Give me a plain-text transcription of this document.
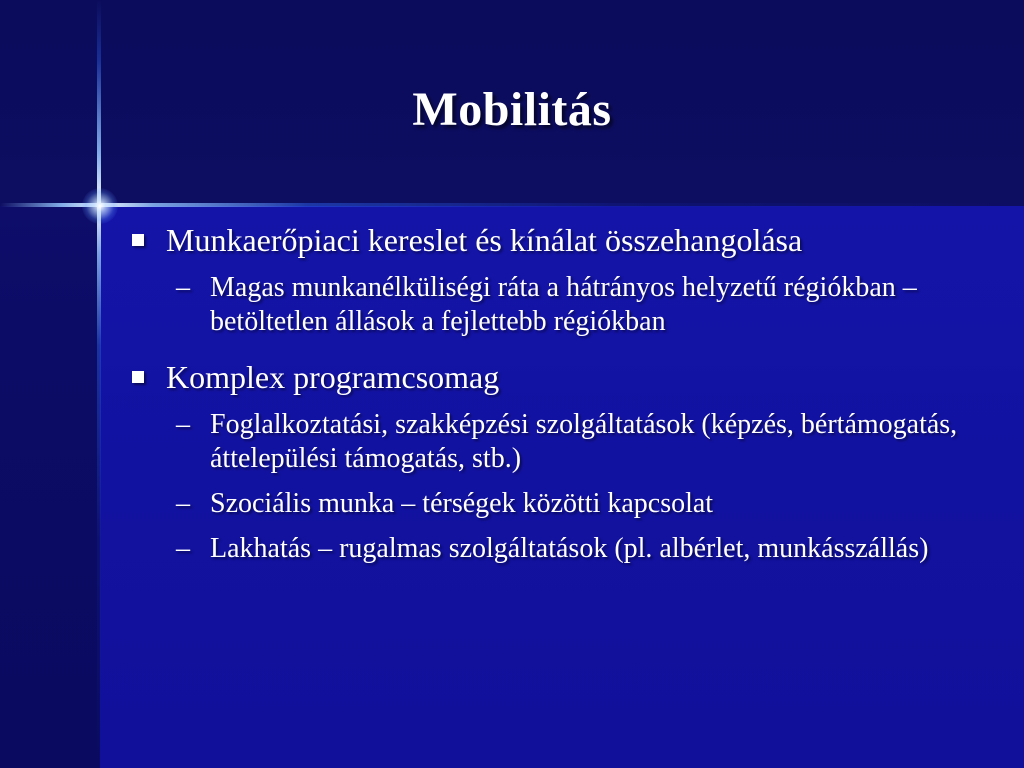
Mobilitás
Munkaerőpiaci kereslet és kínálat összehangolása
– Magas munkanélküliségi ráta a hátrányos helyzetű régiókban – betöltetlen állások a fejlettebb régiókban
Komplex programcsomag
– Foglalkoztatási, szakképzési szolgáltatások (képzés, bértámogatás, áttelepülési támogatás, stb.)
– Szociális munka – térségek közötti kapcsolat
– Lakhatás – rugalmas szolgáltatások (pl. albérlet, munkásszállás)
